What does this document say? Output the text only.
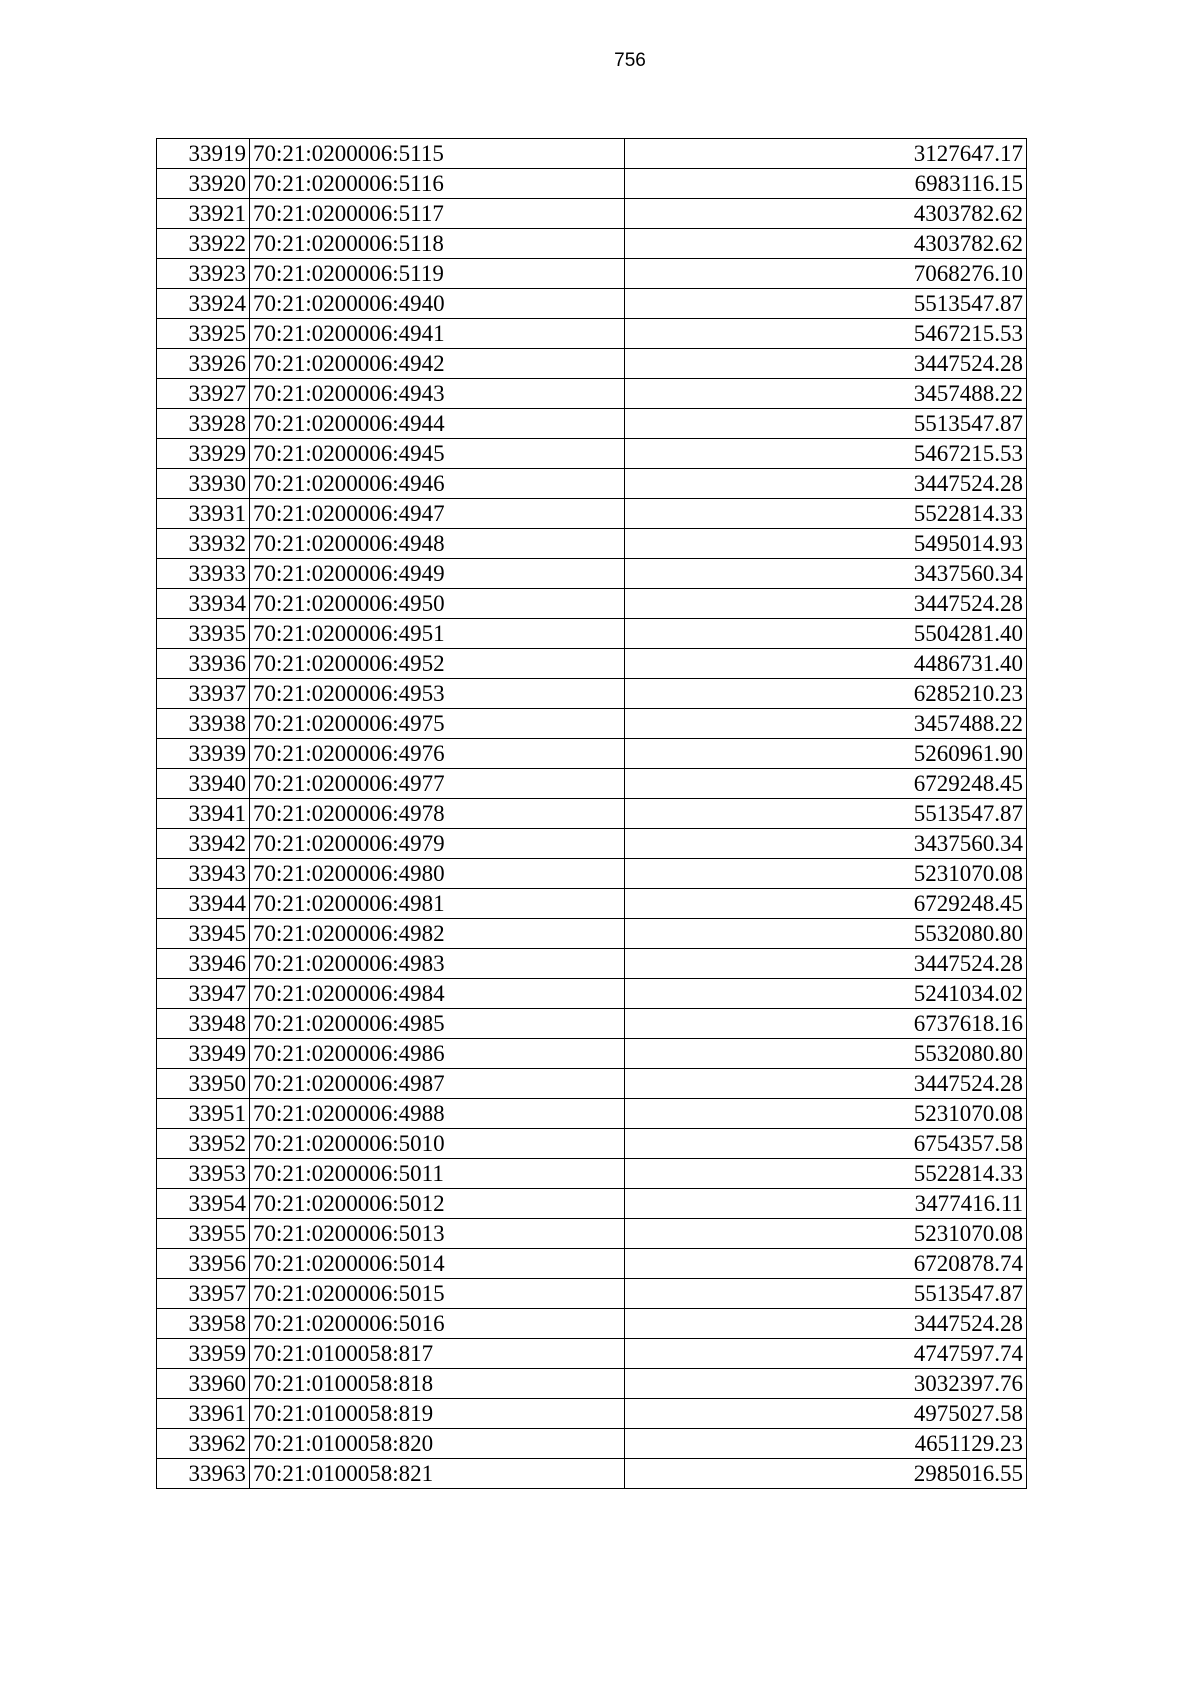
756
33919	70:21:0200006:5115	3127647.17
33920	70:21:0200006:5116	6983116.15
33921	70:21:0200006:5117	4303782.62
33922	70:21:0200006:5118	4303782.62
33923	70:21:0200006:5119	7068276.10
33924	70:21:0200006:4940	5513547.87
33925	70:21:0200006:4941	5467215.53
33926	70:21:0200006:4942	3447524.28
33927	70:21:0200006:4943	3457488.22
33928	70:21:0200006:4944	5513547.87
33929	70:21:0200006:4945	5467215.53
33930	70:21:0200006:4946	3447524.28
33931	70:21:0200006:4947	5522814.33
33932	70:21:0200006:4948	5495014.93
33933	70:21:0200006:4949	3437560.34
33934	70:21:0200006:4950	3447524.28
33935	70:21:0200006:4951	5504281.40
33936	70:21:0200006:4952	4486731.40
33937	70:21:0200006:4953	6285210.23
33938	70:21:0200006:4975	3457488.22
33939	70:21:0200006:4976	5260961.90
33940	70:21:0200006:4977	6729248.45
33941	70:21:0200006:4978	5513547.87
33942	70:21:0200006:4979	3437560.34
33943	70:21:0200006:4980	5231070.08
33944	70:21:0200006:4981	6729248.45
33945	70:21:0200006:4982	5532080.80
33946	70:21:0200006:4983	3447524.28
33947	70:21:0200006:4984	5241034.02
33948	70:21:0200006:4985	6737618.16
33949	70:21:0200006:4986	5532080.80
33950	70:21:0200006:4987	3447524.28
33951	70:21:0200006:4988	5231070.08
33952	70:21:0200006:5010	6754357.58
33953	70:21:0200006:5011	5522814.33
33954	70:21:0200006:5012	3477416.11
33955	70:21:0200006:5013	5231070.08
33956	70:21:0200006:5014	6720878.74
33957	70:21:0200006:5015	5513547.87
33958	70:21:0200006:5016	3447524.28
33959	70:21:0100058:817	4747597.74
33960	70:21:0100058:818	3032397.76
33961	70:21:0100058:819	4975027.58
33962	70:21:0100058:820	4651129.23
33963	70:21:0100058:821	2985016.55
